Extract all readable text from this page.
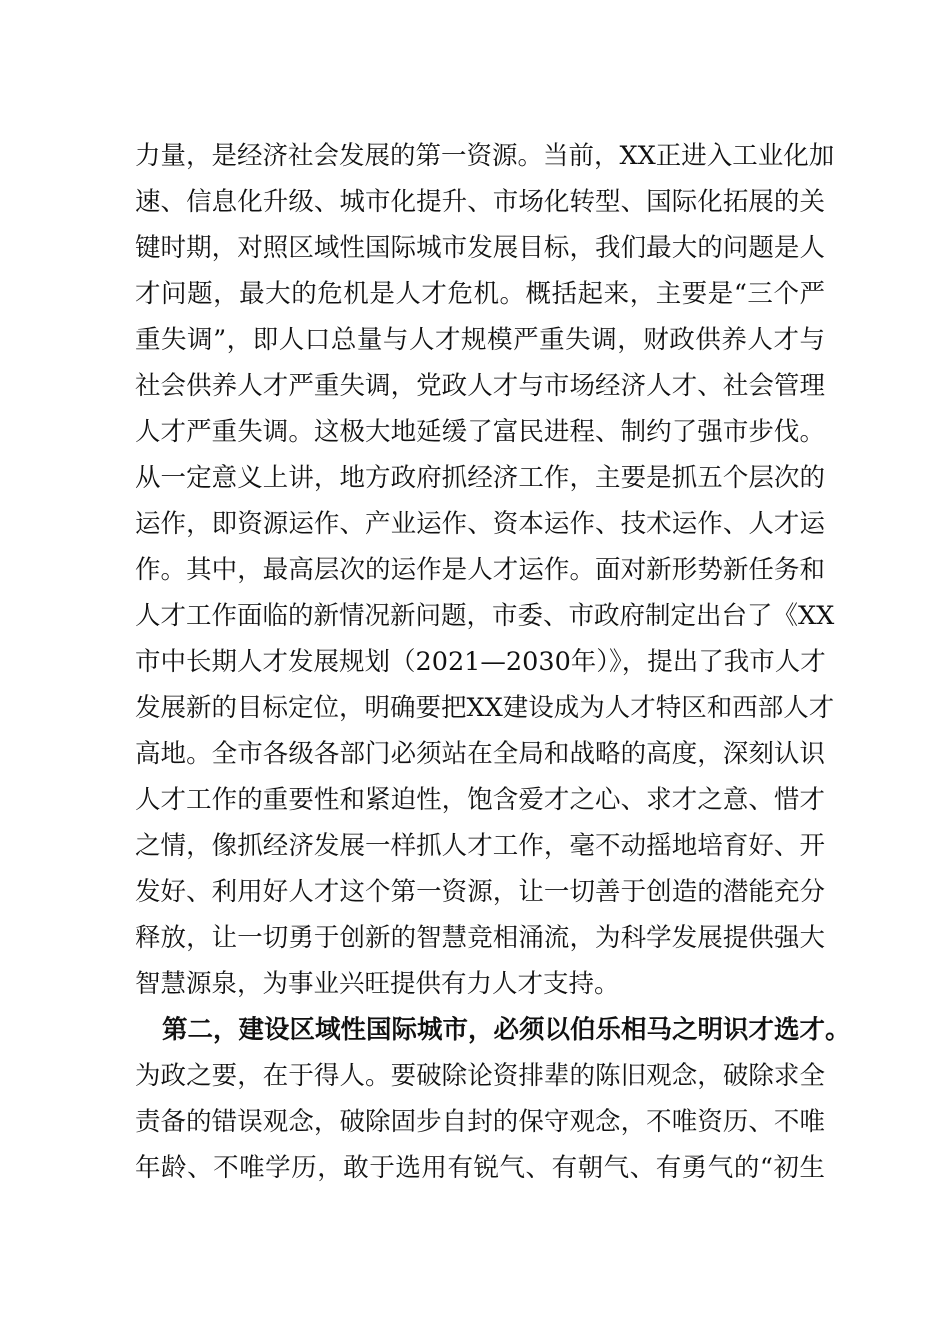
力量，是经济社会发展的第一资源。当前，XX正进入工业化加
速、信息化升级、城市化提升、市场化转型、国际化拓展的关
键时期，对照区域性国际城市发展目标，我们最大的问题是人
才问题，最大的危机是人才危机。概括起来，主要是“三个严
重失调”，即人口总量与人才规模严重失调，财政供养人才与
社会供养人才严重失调，党政人才与市场经济人才、社会管理
人才严重失调。这极大地延缓了富民进程、制约了强市步伐。
从一定意义上讲，地方政府抓经济工作，主要是抓五个层次的
运作，即资源运作、产业运作、资本运作、技术运作、人才运
作。其中，最高层次的运作是人才运作。面对新形势新任务和
人才工作面临的新情况新问题，市委、市政府制定出台了《XX
市中长期人才发展规划（2021—2030年）》，提出了我市人才
发展新的目标定位，明确要把XX建设成为人才特区和西部人才
高地。全市各级各部门必须站在全局和战略的高度，深刻认识
人才工作的重要性和紧迫性，饱含爱才之心、求才之意、惜才
之情，像抓经济发展一样抓人才工作，毫不动摇地培育好、开
发好、利用好人才这个第一资源，让一切善于创造的潜能充分
释放，让一切勇于创新的智慧竞相涌流，为科学发展提供强大
智慧源泉，为事业兴旺提供有力人才支持。
第二，建设区域性国际城市，必须以伯乐相马之明识才选才。
为政之要，在于得人。要破除论资排辈的陈旧观念，破除求全
责备的错误观念，破除固步自封的保守观念，不唯资历、不唯
年龄、不唯学历，敢于选用有锐气、有朝气、有勇气的“初生
